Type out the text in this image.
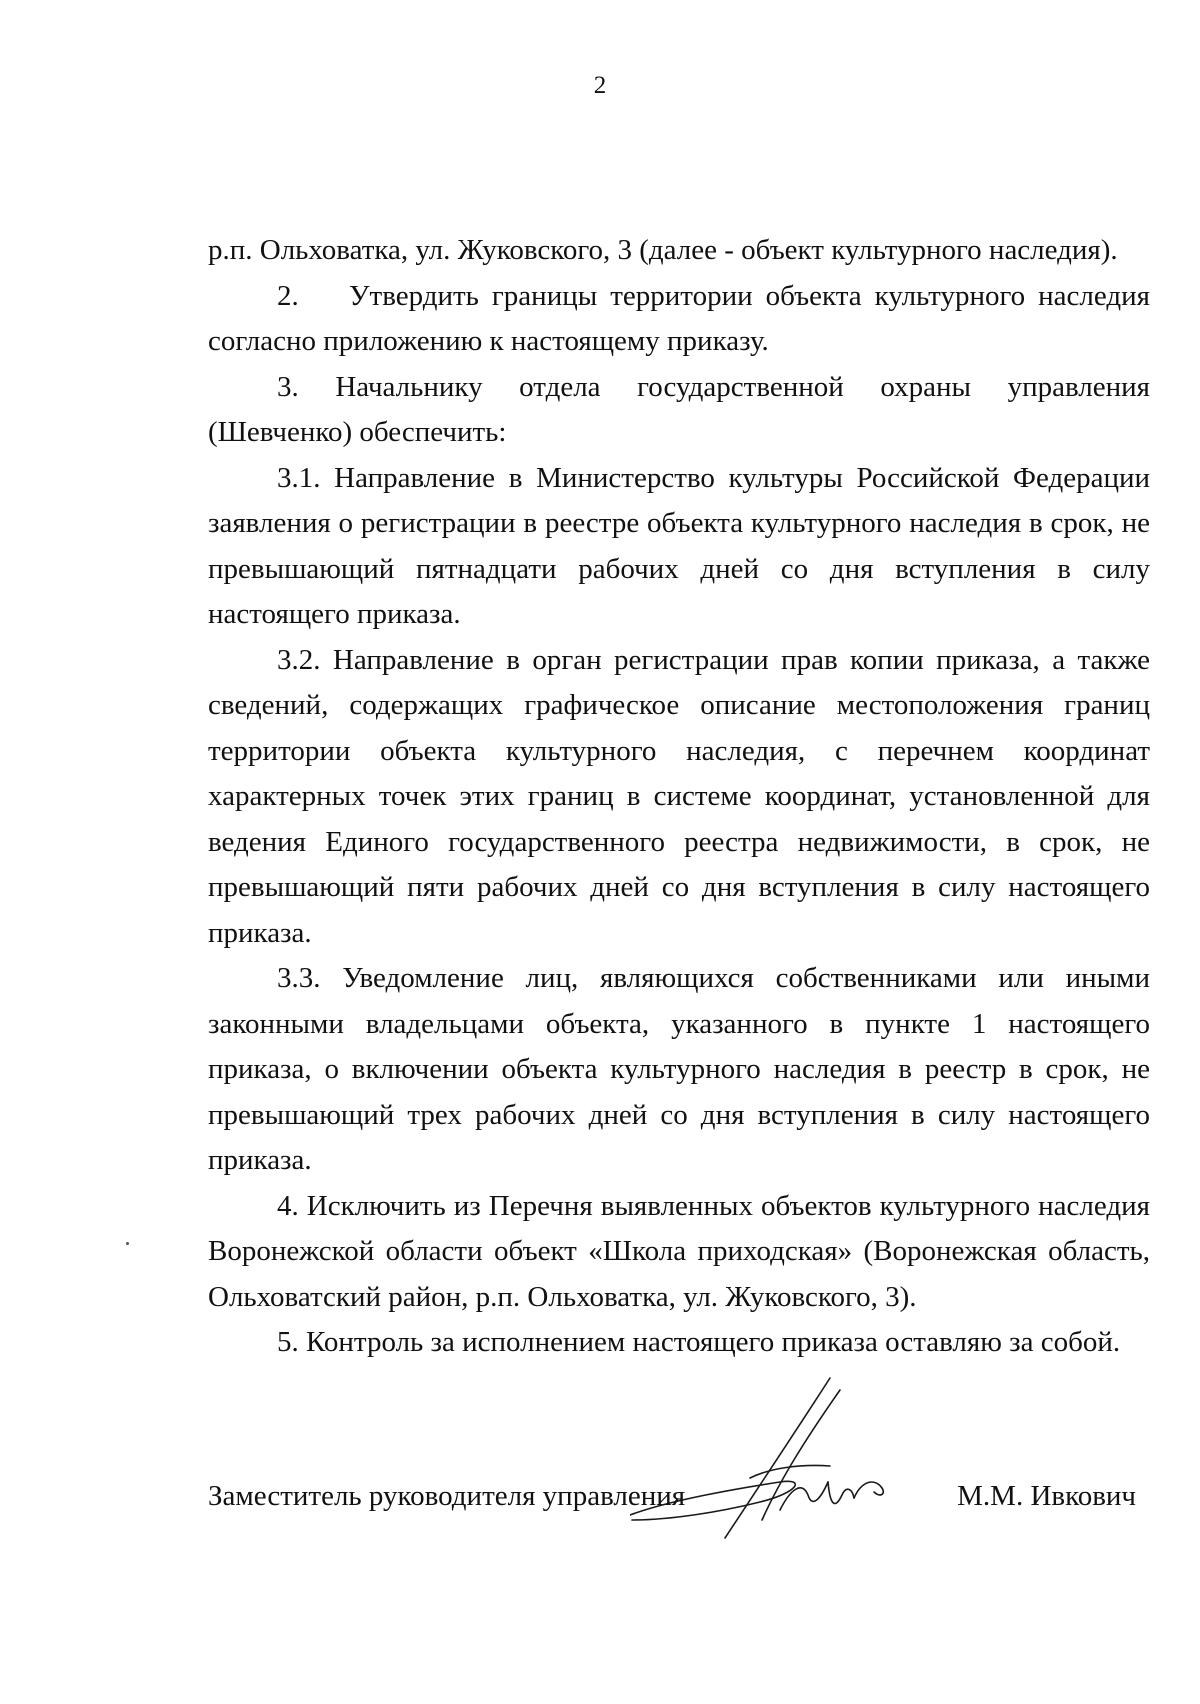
2

р.п. Ольховатка, ул. Жуковского, 3 (далее - объект культурного наследия).

2. Утвердить границы территории объекта культурного наследия согласно приложению к настоящему приказу.

3. Начальнику отдела государственной охраны управления (Шевченко) обеспечить:

3.1. Направление в Министерство культуры Российской Федерации заявления о регистрации в реестре объекта культурного наследия в срок, не превышающий пятнадцати рабочих дней со дня вступления в силу настоящего приказа.

3.2. Направление в орган регистрации прав копии приказа, а также сведений, содержащих графическое описание местоположения границ территории объекта культурного наследия, с перечнем координат характерных точек этих границ в системе координат, установленной для ведения Единого государственного реестра недвижимости, в срок, не превышающий пяти рабочих дней со дня вступления в силу настоящего приказа.

3.3. Уведомление лиц, являющихся собственниками или иными законными владельцами объекта, указанного в пункте 1 настоящего приказа, о включении объекта культурного наследия в реестр в срок, не превышающий трех рабочих дней со дня вступления в силу настоящего приказа.

4. Исключить из Перечня выявленных объектов культурного наследия Воронежской области объект «Школа приходская» (Воронежская область, Ольховатский район, р.п. Ольховатка, ул. Жуковского, 3).

5. Контроль за исполнением настоящего приказа оставляю за собой.

Заместитель руководителя управления	М.М. Ивкович
